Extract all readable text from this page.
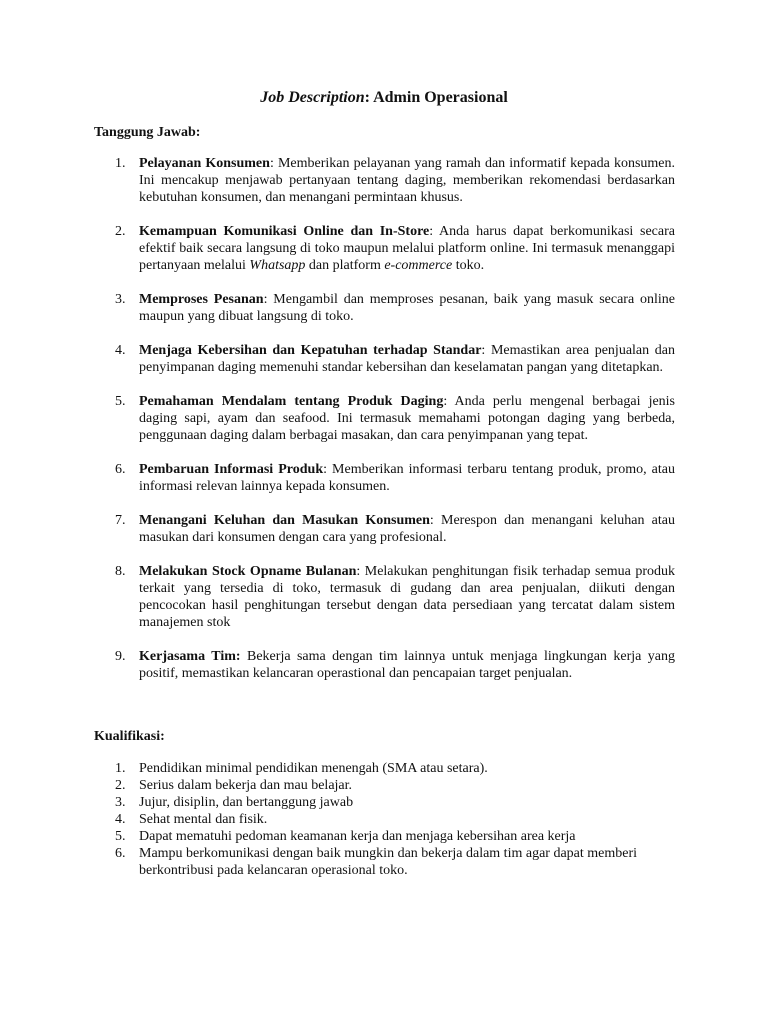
Job Description: Admin Operasional
Tanggung Jawab:
1. Pelayanan Konsumen: Memberikan pelayanan yang ramah dan informatif kepada konsumen. Ini mencakup menjawab pertanyaan tentang daging, memberikan rekomendasi berdasarkan kebutuhan konsumen, dan menangani permintaan khusus.
2. Kemampuan Komunikasi Online dan In-Store: Anda harus dapat berkomunikasi secara efektif baik secara langsung di toko maupun melalui platform online. Ini termasuk menanggapi pertanyaan melalui Whatsapp dan platform e-commerce toko.
3. Memproses Pesanan: Mengambil dan memproses pesanan, baik yang masuk secara online maupun yang dibuat langsung di toko.
4. Menjaga Kebersihan dan Kepatuhan terhadap Standar: Memastikan area penjualan dan penyimpanan daging memenuhi standar kebersihan dan keselamatan pangan yang ditetapkan.
5. Pemahaman Mendalam tentang Produk Daging: Anda perlu mengenal berbagai jenis daging sapi, ayam dan seafood. Ini termasuk memahami potongan daging yang berbeda, penggunaan daging dalam berbagai masakan, dan cara penyimpanan yang tepat.
6. Pembaruan Informasi Produk: Memberikan informasi terbaru tentang produk, promo, atau informasi relevan lainnya kepada konsumen.
7. Menangani Keluhan dan Masukan Konsumen: Merespon dan menangani keluhan atau masukan dari konsumen dengan cara yang profesional.
8. Melakukan Stock Opname Bulanan: Melakukan penghitungan fisik terhadap semua produk terkait yang tersedia di toko, termasuk di gudang dan area penjualan, diikuti dengan pencocokan hasil penghitungan tersebut dengan data persediaan yang tercatat dalam sistem manajemen stok
9. Kerjasama Tim: Bekerja sama dengan tim lainnya untuk menjaga lingkungan kerja yang positif, memastikan kelancaran operastional dan pencapaian target penjualan.
Kualifikasi:
1. Pendidikan minimal pendidikan menengah (SMA atau setara).
2. Serius dalam bekerja dan mau belajar.
3. Jujur, disiplin, dan bertanggung jawab
4. Sehat mental dan fisik.
5. Dapat mematuhi pedoman keamanan kerja dan menjaga kebersihan area kerja
6. Mampu berkomunikasi dengan baik mungkin dan bekerja dalam tim agar dapat memberi berkontribusi pada kelancaran operasional toko.
